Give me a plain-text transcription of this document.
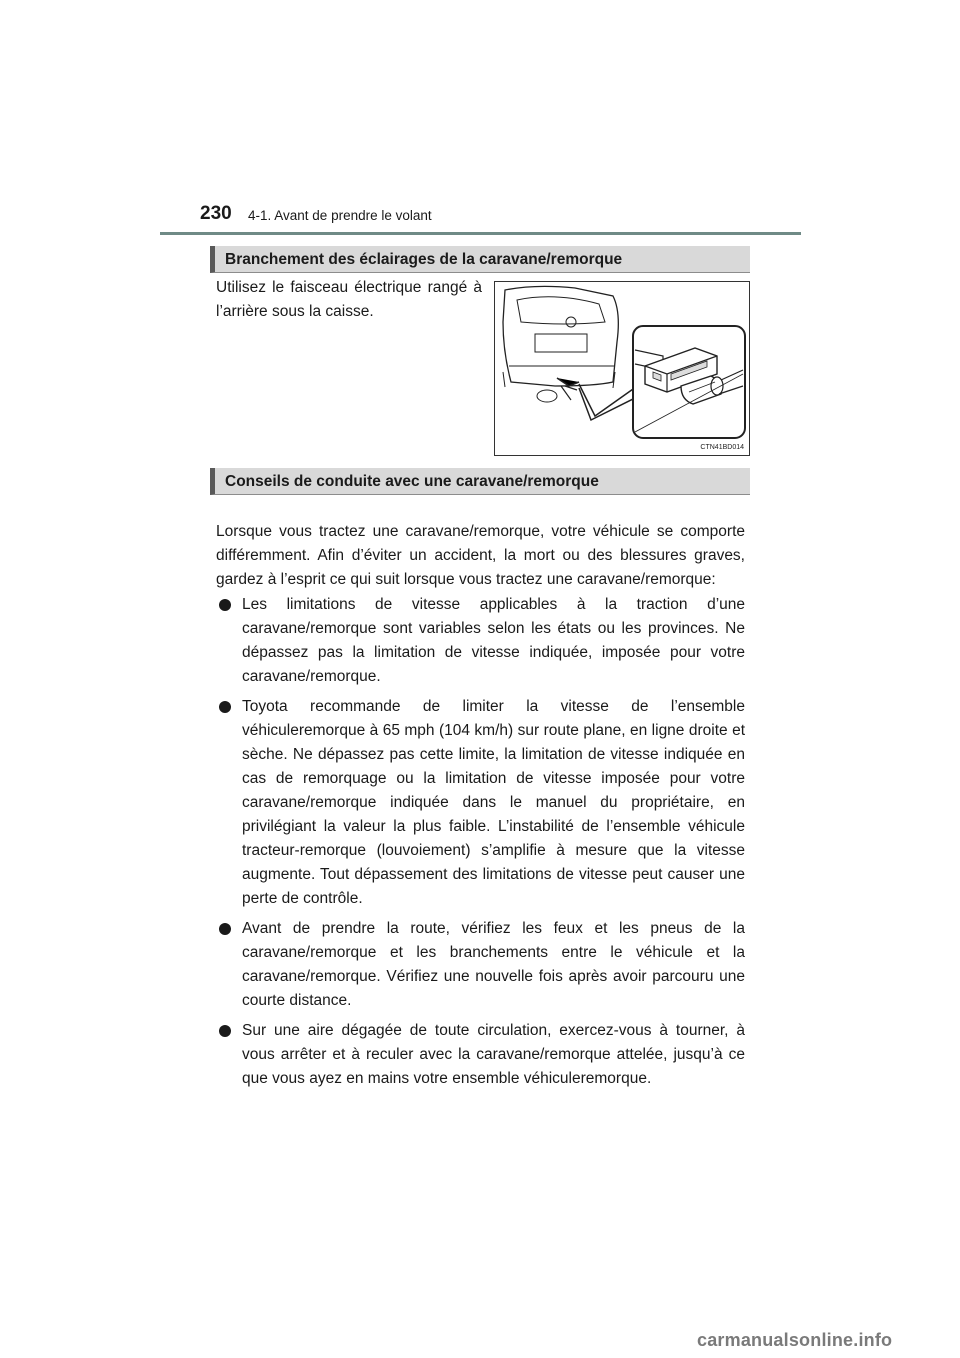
230 4-1. Avant de prendre le volant
Branchement des éclairages de la caravane/remorque
Utilisez le faisceau électrique rangé à l’arrière sous la caisse.
CTN41BD014
Conseils de conduite avec une caravane/remorque

Lorsque vous tractez une caravane/remorque, votre véhicule se comporte différemment. Afin d’éviter un accident, la mort ou des blessures graves, gardez à l’esprit ce qui suit lorsque vous tractez une caravane/remorque:

Les limitations de vitesse applicables à la traction d’une caravane/remorque sont variables selon les états ou les provinces. Ne dépassez pas la limitation de vitesse indiquée, imposée pour votre caravane/remorque.
Toyota recommande de limiter la vitesse de l’ensemble véhiculeremorque à 65 mph (104 km/h) sur route plane, en ligne droite et sèche. Ne dépassez pas cette limite, la limitation de vitesse indiquée en cas de remorquage ou la limitation de vitesse imposée pour votre caravane/remorque indiquée dans le manuel du propriétaire, en privilégiant la valeur la plus faible. L’instabilité de l’ensemble véhicule tracteur-remorque (louvoiement) s’amplifie à mesure que la vitesse augmente. Tout dépassement des limitations de vitesse peut causer une perte de contrôle.
Avant de prendre la route, vérifiez les feux et les pneus de la caravane/remorque et les branchements entre le véhicule et la caravane/remorque. Vérifiez une nouvelle fois après avoir parcouru une courte distance.
Sur une aire dégagée de toute circulation, exercez-vous à tourner, à vous arrêter et à reculer avec la caravane/remorque attelée, jusqu’à ce que vous ayez en mains votre ensemble véhiculeremorque.
carmanualsonline.info
